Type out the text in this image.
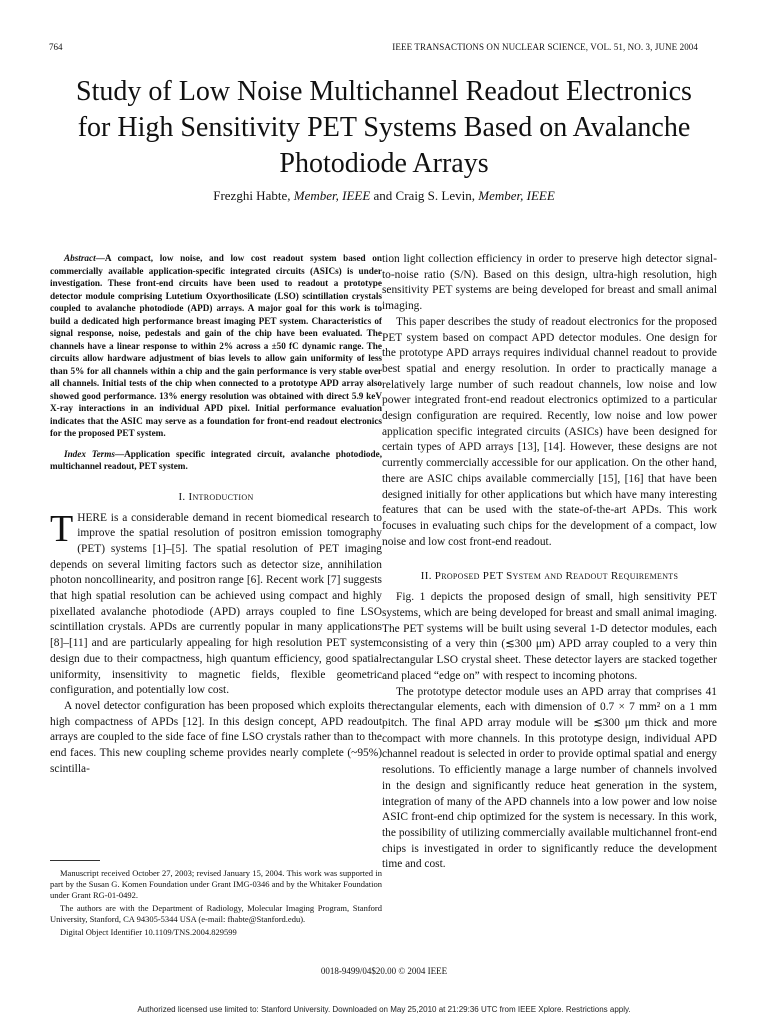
764	IEEE TRANSACTIONS ON NUCLEAR SCIENCE, VOL. 51, NO. 3, JUNE 2004
Study of Low Noise Multichannel Readout Electronics for High Sensitivity PET Systems Based on Avalanche Photodiode Arrays

Frezghi Habte, Member, IEEE and Craig S. Levin, Member, IEEE

Abstract—A compact, low noise, and low cost readout system based on commercially available application-specific integrated circuits (ASICs) is under investigation. These front-end circuits have been used to readout a prototype detector module comprising Lutetium Oxyorthosilicate (LSO) scintillation crystals coupled to avalanche photodiode (APD) arrays. A major goal for this work is to build a dedicated high performance breast imaging PET system. Characteristics of signal response, noise, pedestals and gain of the chip have been evaluated. The channels have a linear response to within 2% across a ±50 fC dynamic range. The circuits allow hardware adjustment of bias levels to allow gain uniformity of less than 5% for all channels within a chip and the gain performance is very stable over all channels. Initial tests of the chip when connected to a prototype APD array also showed good performance. 13% energy resolution was obtained with direct 5.9 keV X-ray interactions in an individual APD pixel. Initial performance evaluation indicates that the ASIC may serve as a foundation for front-end readout electronics for the proposed PET system.

Index Terms—Application specific integrated circuit, avalanche photodiode, multichannel readout, PET system.

I. Introduction

THERE is a considerable demand in recent biomedical research to improve the spatial resolution of positron emission tomography (PET) systems [1]–[5]. The spatial resolution of PET imaging depends on several limiting factors such as detector size, annihilation photon noncollinearity, and positron range [6]. Recent work [7] suggests that high spatial resolution can be achieved using compact and highly pixellated avalanche photodiode (APD) arrays coupled to fine LSO scintillation crystals. APDs are currently popular in many applications [8]–[11] and are particularly appealing for high resolution PET system design due to their compactness, high quantum efficiency, good spatial uniformity, insensitivity to magnetic fields, flexible geometric configuration, and potentially low cost.

A novel detector configuration has been proposed which exploits the high compactness of APDs [12]. In this design concept, APD readout arrays are coupled to the side face of fine LSO crystals rather than to the end faces. This new coupling scheme provides nearly complete (~95%) scintilla-

Manuscript received October 27, 2003; revised January 15, 2004. This work was supported in part by the Susan G. Komen Foundation under Grant IMG-0346 and by the Whitaker Foundation under Grant RG-01-0492.

The authors are with the Department of Radiology, Molecular Imaging Program, Stanford University, Stanford, CA 94305-5344 USA (e-mail: fhabte@Stanford.edu).

Digital Object Identifier 10.1109/TNS.2004.829599

tion light collection efficiency in order to preserve high detector signal-to-noise ratio (S/N). Based on this design, ultra-high resolution, high sensitivity PET systems are being developed for breast and small animal imaging.

This paper describes the study of readout electronics for the proposed PET system based on compact APD detector modules. One design for the prototype APD arrays requires individual channel readout to provide best spatial and energy resolution. In order to practically manage a relatively large number of such readout channels, low noise and low power integrated front-end readout electronics optimized to a particular design configuration are required. Recently, low noise and low power application specific integrated circuits (ASICs) have been designed for certain types of APD arrays [13], [14]. However, these designs are not currently commercially accessible for our application. On the other hand, there are ASIC chips available commercially [15], [16] that have been designed initially for other applications but which have many interesting features that can be used with the state-of-the-art APDs. This work focuses in evaluating such chips for the development of a compact, low noise and low cost front-end readout.

II. Proposed PET System and Readout Requirements

Fig. 1 depicts the proposed design of small, high sensitivity PET systems, which are being developed for breast and small animal imaging. The PET systems will be built using several 1-D detector modules, each consisting of a very thin (≲300 μm) APD array coupled to a very thin rectangular LSO crystal sheet. These detector layers are stacked together and placed “edge on” with respect to incoming photons.

The prototype detector module uses an APD array that comprises 41 rectangular elements, each with dimension of 0.7 × 7 mm² on a 1 mm pitch. The final APD array module will be ≲300 μm thick and more compact with more channels. In this prototype design, individual APD channel readout is selected in order to provide optimal spatial and energy resolutions. To efficiently manage a large number of channels involved in the design and significantly reduce heat generation in the system, integration of many of the APD channels into a low power and low noise ASIC front-end chip optimized for the system is necessary. In this work, the possibility of utilizing commercially available multichannel front-end chips is investigated in order to significantly reduce the development time and cost.

0018-9499/04$20.00 © 2004 IEEE
Authorized licensed use limited to: Stanford University. Downloaded on May 25,2010 at 21:29:36 UTC from IEEE Xplore. Restrictions apply.
